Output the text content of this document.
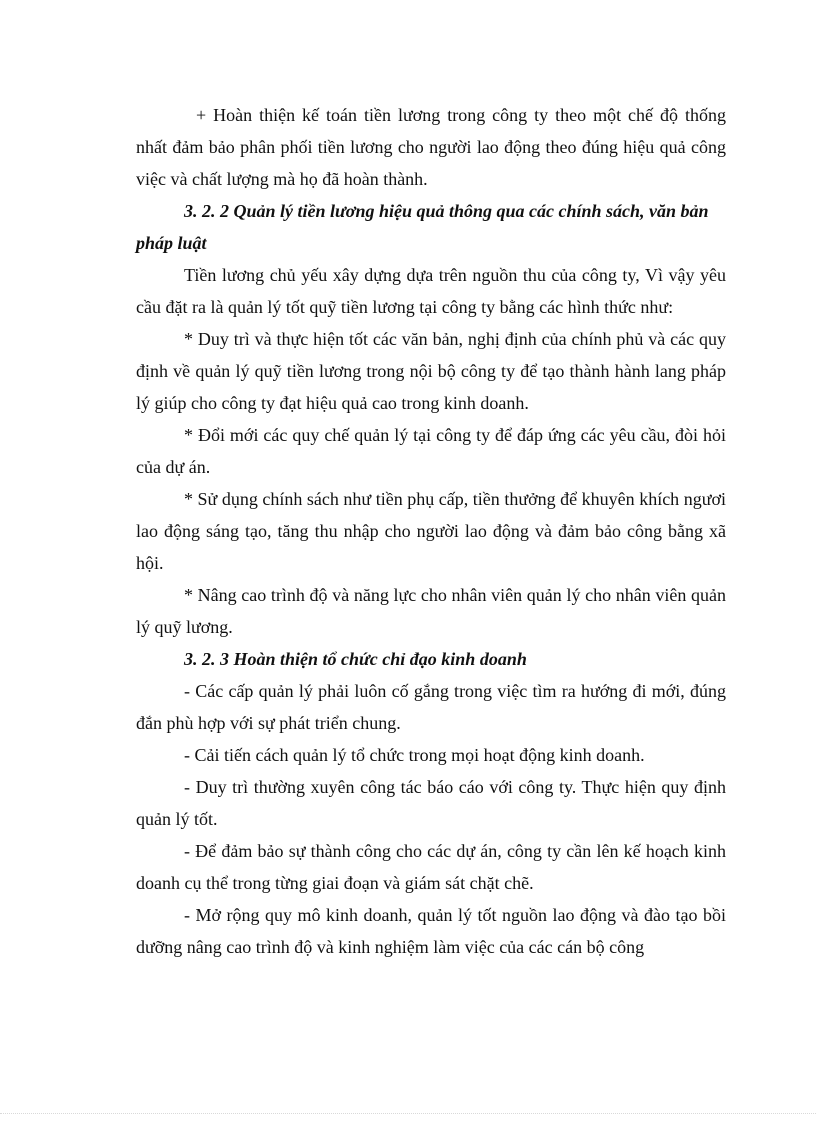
+ Hoàn thiện kế toán tiền lương trong công ty theo một chế độ thống nhất đảm bảo phân phối tiền lương cho người lao động theo đúng hiệu quả công việc và chất lượng mà họ đã hoàn thành.

3. 2. 2 Quản lý tiền lương hiệu quả thông qua các chính sách, văn bản pháp luật

Tiền lương chủ yếu xây dựng dựa trên nguồn thu của công ty, Vì vậy yêu cầu đặt ra là quản lý tốt quỹ tiền lương tại công ty bằng các hình thức như:

* Duy trì và thực hiện tốt các văn bản, nghị định của chính phủ và các quy định về quản lý quỹ tiền lương trong nội bộ công ty để tạo thành hành lang pháp lý giúp cho công ty đạt hiệu quả cao trong kinh doanh.

* Đổi mới các quy chế quản lý tại công ty để đáp ứng các yêu cầu, đòi hỏi của dự án.

* Sử dụng chính sách như tiền phụ cấp, tiền thưởng để khuyên khích ngươi lao động sáng tạo, tăng thu nhập cho người lao động và đảm bảo công bằng xã hội.

* Nâng cao trình độ và năng lực cho nhân viên quản lý cho nhân viên quản lý quỹ lương.

3. 2. 3 Hoàn thiện tổ chức chỉ đạo kinh doanh

- Các cấp quản lý phải luôn cố gắng trong việc tìm ra hướng đi mới, đúng đắn phù hợp với sự phát triển chung.

- Cải tiến cách quản lý tổ chức trong mọi hoạt động kinh doanh.

- Duy trì thường xuyên công tác báo cáo với công ty. Thực hiện quy định quản lý tốt.

- Để đảm bảo sự thành công cho các dự án, công ty cần lên kế hoạch kinh doanh cụ thể trong từng giai đoạn và giám sát chặt chẽ.

- Mở rộng quy mô kinh doanh, quản lý tốt nguồn lao động và đào tạo bồi dưỡng nâng cao trình độ và kinh nghiệm làm việc của các cán bộ công
